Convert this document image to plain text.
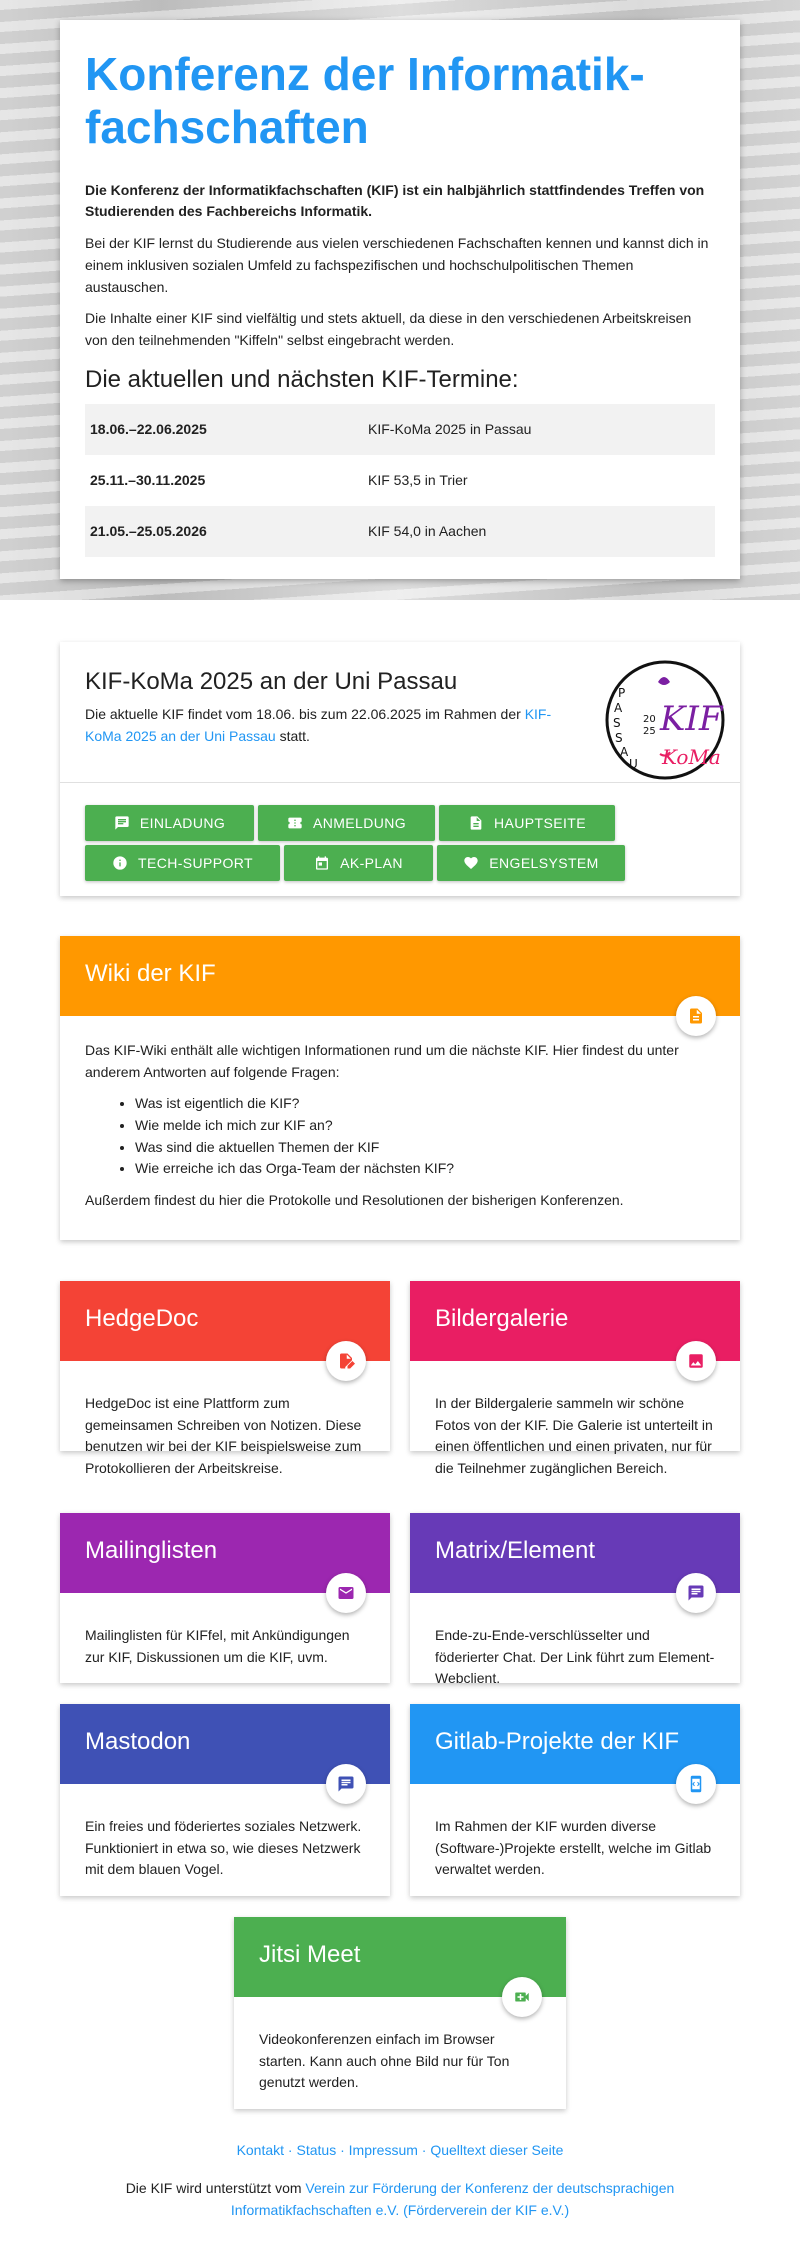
Konferenz der Informatik-fachschaften

Die Konferenz der Informatikfachschaften (KIF) ist ein halbjährlich stattfindendes Treffen von Studierenden des Fachbereichs Informatik.

Bei der KIF lernst du Studierende aus vielen verschiedenen Fachschaften kennen und kannst dich in einem inklusiven sozialen Umfeld zu fachspezifischen und hochschulpolitischen Themen austauschen.

Die Inhalte einer KIF sind vielfältig und stets aktuell, da diese in den verschiedenen Arbeitskreisen von den teilnehmenden "Kiffeln" selbst eingebracht werden.

Die aktuellen und nächsten KIF-Termine:
18.06.–22.06.2025	KIF-KoMa 2025 in Passau
25.11.–30.11.2025	KIF 53,5 in Trier
21.05.–25.05.2026	KIF 54,0 in Aachen
KIF-KoMa 2025 an der Uni Passau

Die aktuelle KIF findet vom 18.06. bis zum 22.06.2025 im Rahmen der KIF-KoMa 2025 an der Uni Passau statt.

P
A
S
S
A
U
20
25 KIF
KoMa
EINLADUNG	ANMELDUNG	HAUPTSEITE
TECH-SUPPORT	AK-PLAN	ENGELSYSTEM
Wiki der KIF

Das KIF-Wiki enthält alle wichtigen Informationen rund um die nächste KIF. Hier findest du unter anderem Antworten auf folgende Fragen:

• Was ist eigentlich die KIF?
• Wie melde ich mich zur KIF an?
• Was sind die aktuellen Themen der KIF
• Wie erreiche ich das Orga-Team der nächsten KIF?

Außerdem findest du hier die Protokolle und Resolutionen der bisherigen Konferenzen.

HedgeDoc
HedgeDoc ist eine Plattform zum gemeinsamen Schreiben von Notizen. Diese benutzen wir bei der KIF beispielsweise zum Protokollieren der Arbeitskreise.
Bildergalerie
In der Bildergalerie sammeln wir schöne Fotos von der KIF. Die Galerie ist unterteilt in einen öffentlichen und einen privaten, nur für die Teilnehmer zugänglichen Bereich.
Mailinglisten
Mailinglisten für KIFfel, mit Ankündigungen zur KIF, Diskussionen um die KIF, uvm.
Matrix/Element
Ende-zu-Ende-verschlüsselter und föderierter Chat. Der Link führt zum Element-Webclient.
Mastodon
Ein freies und föderiertes soziales Netzwerk. Funktioniert in etwa so, wie dieses Netzwerk mit dem blauen Vogel.
Gitlab-Projekte der KIF
Im Rahmen der KIF wurden diverse (Software-)Projekte erstellt, welche im Gitlab verwaltet werden.
Jitsi Meet
Videokonferenzen einfach im Browser starten. Kann auch ohne Bild nur für Ton genutzt werden.
Kontakt · Status · Impressum · Quelltext dieser Seite
Die KIF wird unterstützt vom Verein zur Förderung der Konferenz der deutschsprachigen Informatikfachschaften e.V. (Förderverein der KIF e.V.)
